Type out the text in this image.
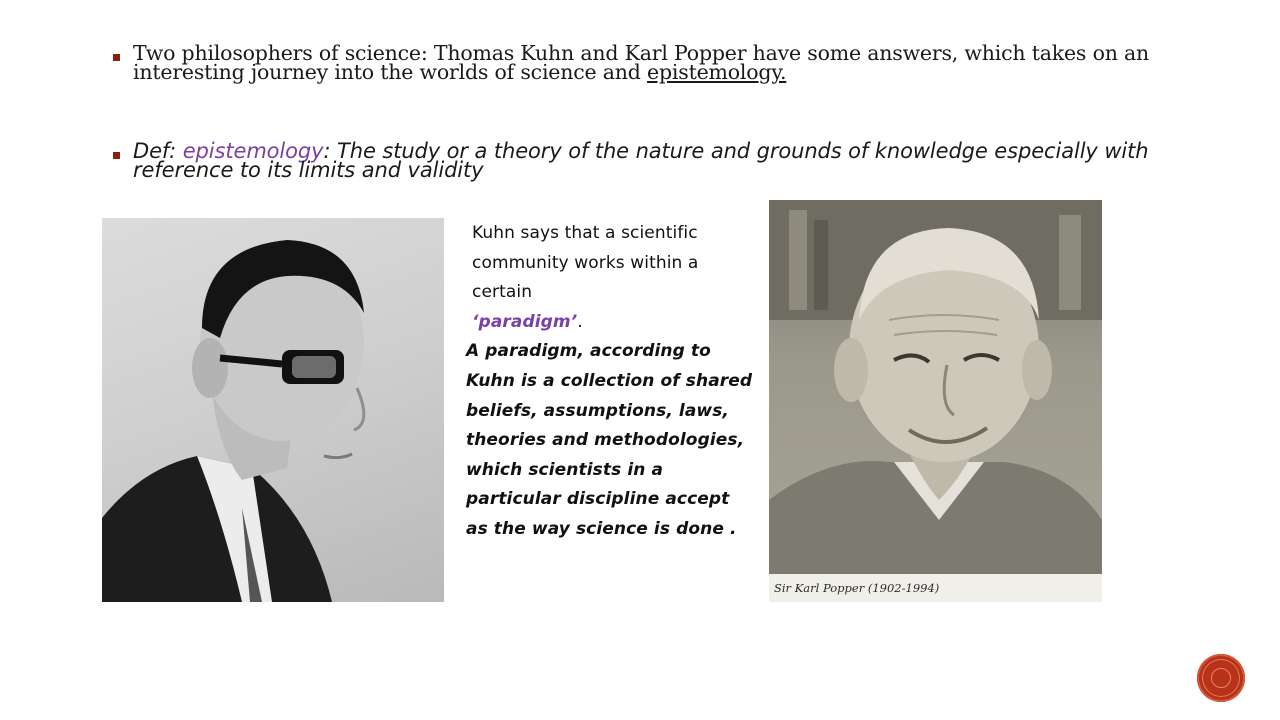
Two philosophers of science: Thomas Kuhn and Karl Popper have some answers, which takes on an interesting journey into the worlds of science and epistemology.
Def: epistemology: The study or a theory of the nature and grounds of knowledge especially with reference to its limits and validity
Kuhn says that a scientific community works within a certain
‘paradigm’.
A paradigm, according to Kuhn is a collection of shared beliefs, assumptions, laws, theories and methodologies, which scientists in a particular discipline accept as the way science is done .
Sir Karl Popper (1902-1994)
